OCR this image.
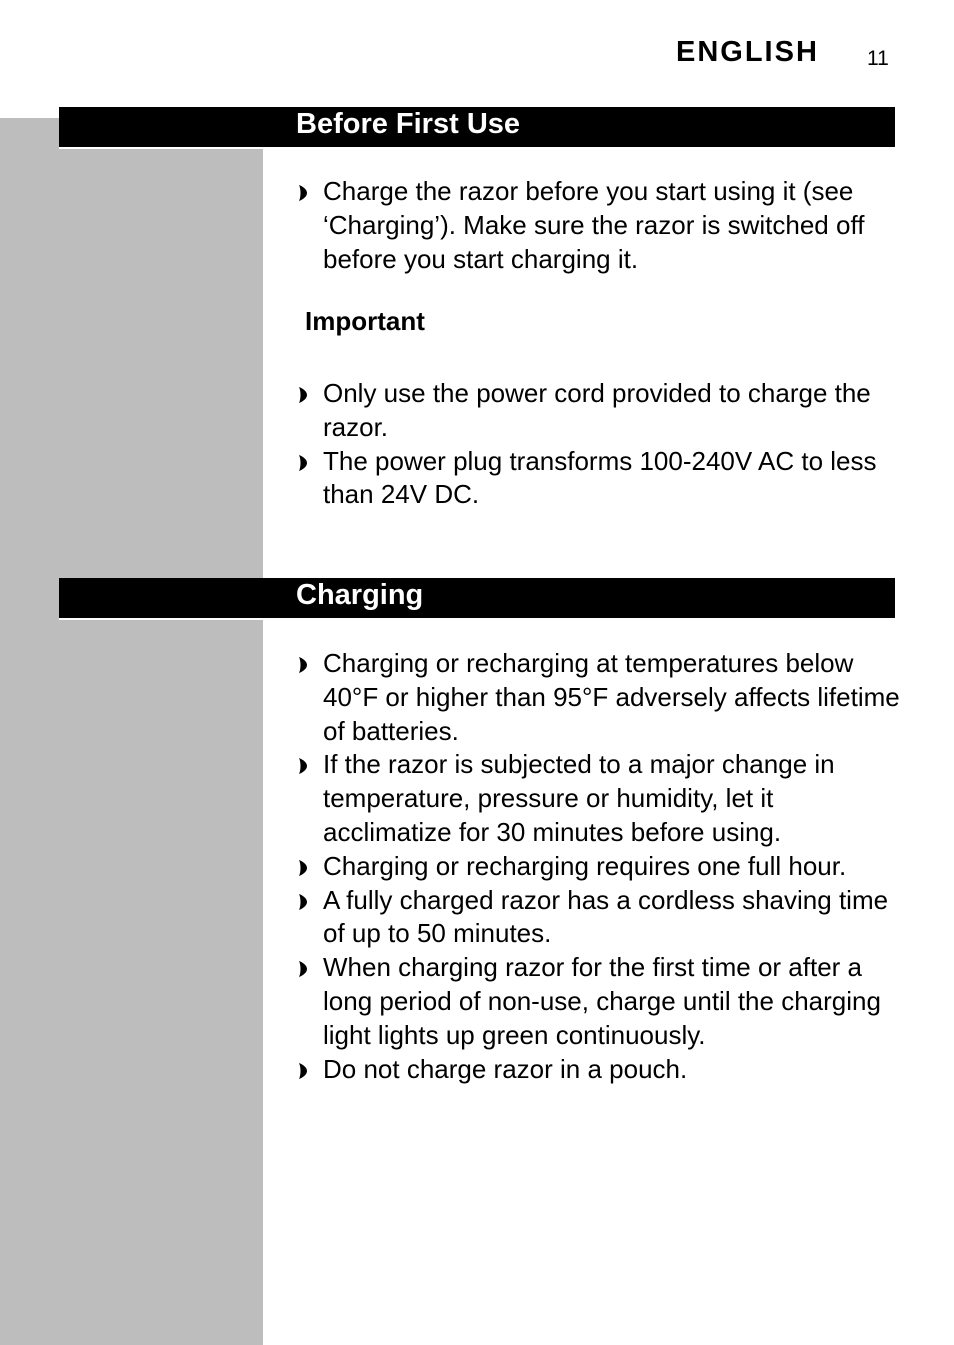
ENGLISH 11
Before First Use
Charge the razor before you start using it (see ‘Charging’). Make sure the razor is switched off before you start charging it.
Important
Only use the power cord provided to charge the razor.
The power plug transforms 100-240V AC to less than 24V DC.
Charging
Charging or recharging at temperatures below 40°F or higher than 95°F adversely affects lifetime of batteries.
If the razor is subjected to a major change in temperature, pressure or humidity, let it acclimatize for 30 minutes before using.
Charging or recharging requires one full hour.
A fully charged razor has a cordless shaving time of up to 50 minutes.
When charging razor for the first time or after a long period of non-use, charge until the charging light lights up green continuously.
Do not charge razor in a pouch.
